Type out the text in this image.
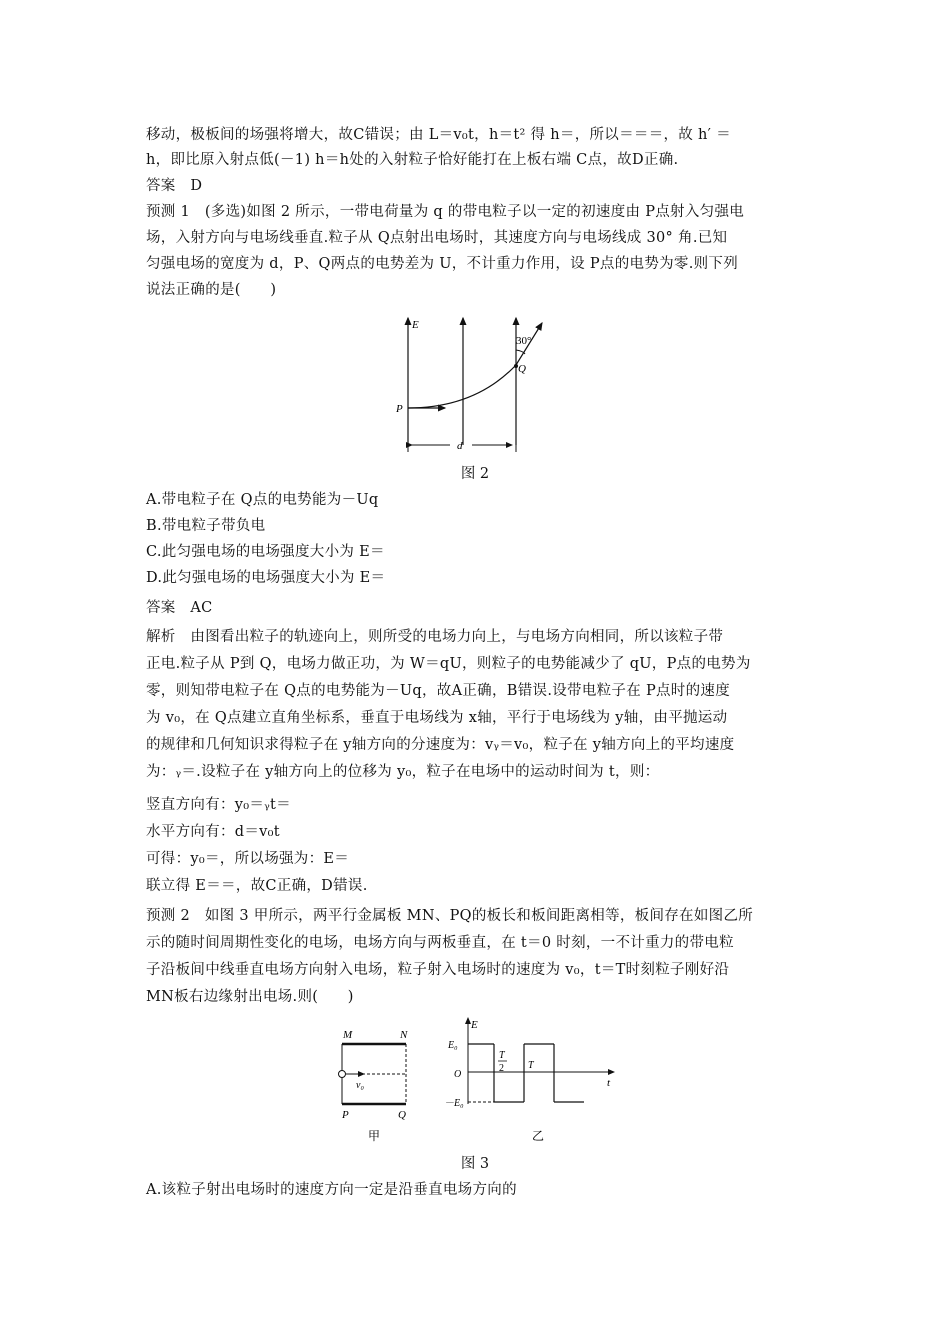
移动，极板间的场强将增大，故C错误；由 L＝v₀t，h＝t² 得 h＝，所以＝＝＝，故 h′ ＝
h，即比原入射点低(－1) h＝h处的入射粒子恰好能打在上板右端 C点，故D正确.
答案　D
预测 1　(多选)如图 2 所示，一带电荷量为 q 的带电粒子以一定的初速度由 P点射入匀强电
场，入射方向与电场线垂直.粒子从 Q点射出电场时，其速度方向与电场线成 30° 角.已知
匀强电场的宽度为 d，P、Q两点的电势差为 U，不计重力作用，设 P点的电势为零.则下列
说法正确的是(　　)
E
30°
Q
P
d
图 2
A.带电粒子在 Q点的电势能为－Uq
B.带电粒子带负电
C.此匀强电场的电场强度大小为 E＝
D.此匀强电场的电场强度大小为 E＝
答案　AC
解析　由图看出粒子的轨迹向上，则所受的电场力向上，与电场方向相同，所以该粒子带
正电.粒子从 P到 Q，电场力做正功，为 W＝qU，则粒子的电势能减少了 qU，P点的电势为
零，则知带电粒子在 Q点的电势能为－Uq，故A正确，B错误.设带电粒子在 P点时的速度
为 v₀，在 Q点建立直角坐标系，垂直于电场线为 x轴，平行于电场线为 y轴，由平抛运动
的规律和几何知识求得粒子在 y轴方向的分速度为：vᵧ＝v₀，粒子在 y轴方向上的平均速度
为：ᵧ＝.设粒子在 y轴方向上的位移为 y₀，粒子在电场中的运动时间为 t，则：
竖直方向有：y₀＝ᵧt＝
水平方向有：d＝v₀t
可得：y₀＝，所以场强为：E＝
联立得 E＝＝，故C正确，D错误.
预测 2　如图 3 甲所示，两平行金属板 MN、PQ的板长和板间距离相等，板间存在如图乙所
示的随时间周期性变化的电场，电场方向与两板垂直，在 t＝0 时刻，一不计重力的带电粒
子沿板间中线垂直电场方向射入电场，粒子射入电场时的速度为 v₀，t＝T时刻粒子刚好沿
MN板右边缘射出电场.则(　　)
M	N
P	Q
v₀
甲
E
E₀
－E₀
O
t
T
2 T
乙
图 3
A.该粒子射出电场时的速度方向一定是沿垂直电场方向的
